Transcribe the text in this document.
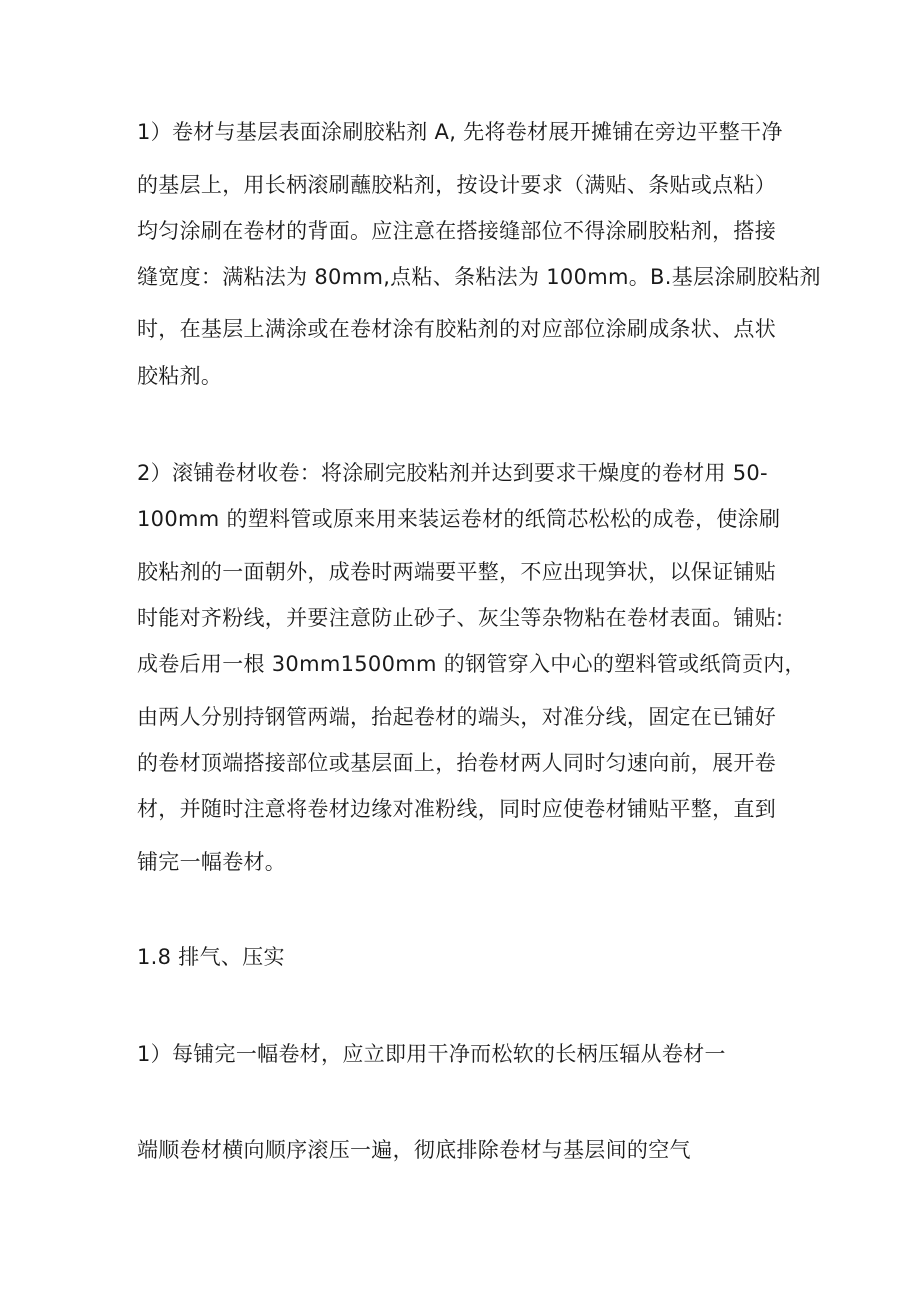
1）卷材与基层表面涂刷胶粘剂 A, 先将卷材展开摊铺在旁边平整干净
的基层上，用长柄滚刷蘸胶粘剂，按设计要求（满贴、条贴或点粘）
均匀涂刷在卷材的背面。应注意在搭接缝部位不得涂刷胶粘剂，搭接
缝宽度：满粘法为 80mm,点粘、条粘法为 100mm。B.基层涂刷胶粘剂
时，在基层上满涂或在卷材涂有胶粘剂的对应部位涂刷成条状、点状
胶粘剂。
2）滚铺卷材收卷：将涂刷完胶粘剂并达到要求干燥度的卷材用 50-
100mm 的塑料管或原来用来装运卷材的纸筒芯松松的成卷，使涂刷
胶粘剂的一面朝外，成卷时两端要平整，不应出现笋状，以保证铺贴
时能对齐粉线，并要注意防止砂子、灰尘等杂物粘在卷材表面。铺贴:
成卷后用一根 30mm1500mm 的钢管穿入中心的塑料管或纸筒贡内，
由两人分别持钢管两端，抬起卷材的端头，对准分线，固定在已铺好
的卷材顶端搭接部位或基层面上，抬卷材两人同时匀速向前，展开卷
材，并随时注意将卷材边缘对准粉线，同时应使卷材铺贴平整，直到
铺完一幅卷材。
1.8 排气、压实
1）每铺完一幅卷材，应立即用干净而松软的长柄压辐从卷材一
端顺卷材横向顺序滚压一遍，彻底排除卷材与基层间的空气
